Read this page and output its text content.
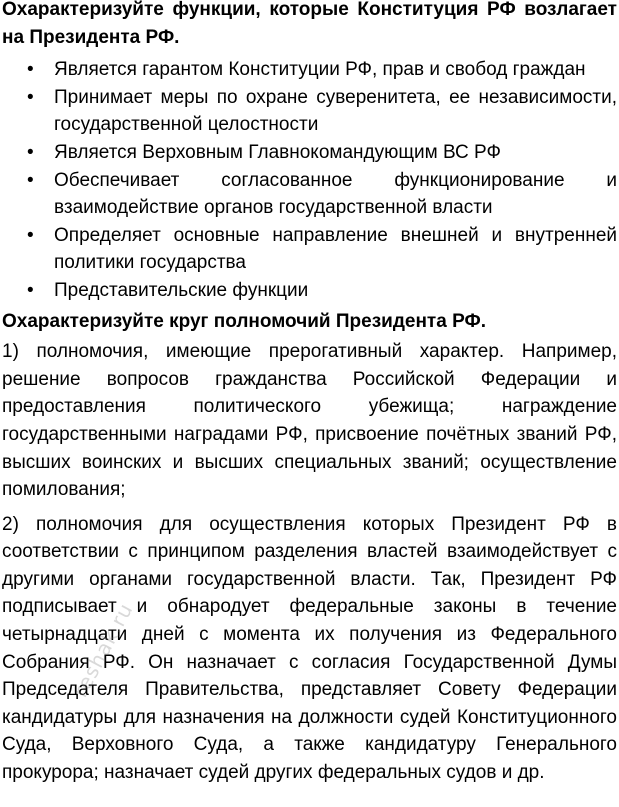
Охарактеризуйте функции, которые Конституция РФ возлагает на Президента РФ.

•	Является гарантом Конституции РФ, прав и свобод граждан
•	Принимает меры по охране суверенитета, ее независимости, государственной целостности
•	Является Верховным Главнокомандующим ВС РФ
•	Обеспечивает согласованное функционирование и взаимодействие органов государственной власти
•	Определяет основные направление внешней и внутренней политики государства
•	Представительские функции

Охарактеризуйте круг полномочий Президента РФ.

1) полномочия, имеющие прерогативный характер. Например, решение вопросов гражданства Российской Федерации и предоставления политического убежища; награждение государственными наградами РФ, присвоение почётных званий РФ, высших воинских и высших специальных званий; осуществление помилования;

2) полномочия для осуществления которых Президент РФ в соответствии с принципом разделения властей взаимодействует с другими органами государственной власти. Так, Президент РФ подписывает и обнародует федеральные законы в течение четырнадцати дней с момента их получения из Федерального Собрания РФ. Он назначает с согласия Государственной Думы Председателя Правительства, представляет Совету Федерации кандидатуры для назначения на должности судей Конституционного Суда, Верховного Суда, а также кандидатуру Генерального прокурора; назначает судей других федеральных судов и др.

reshak.ru
